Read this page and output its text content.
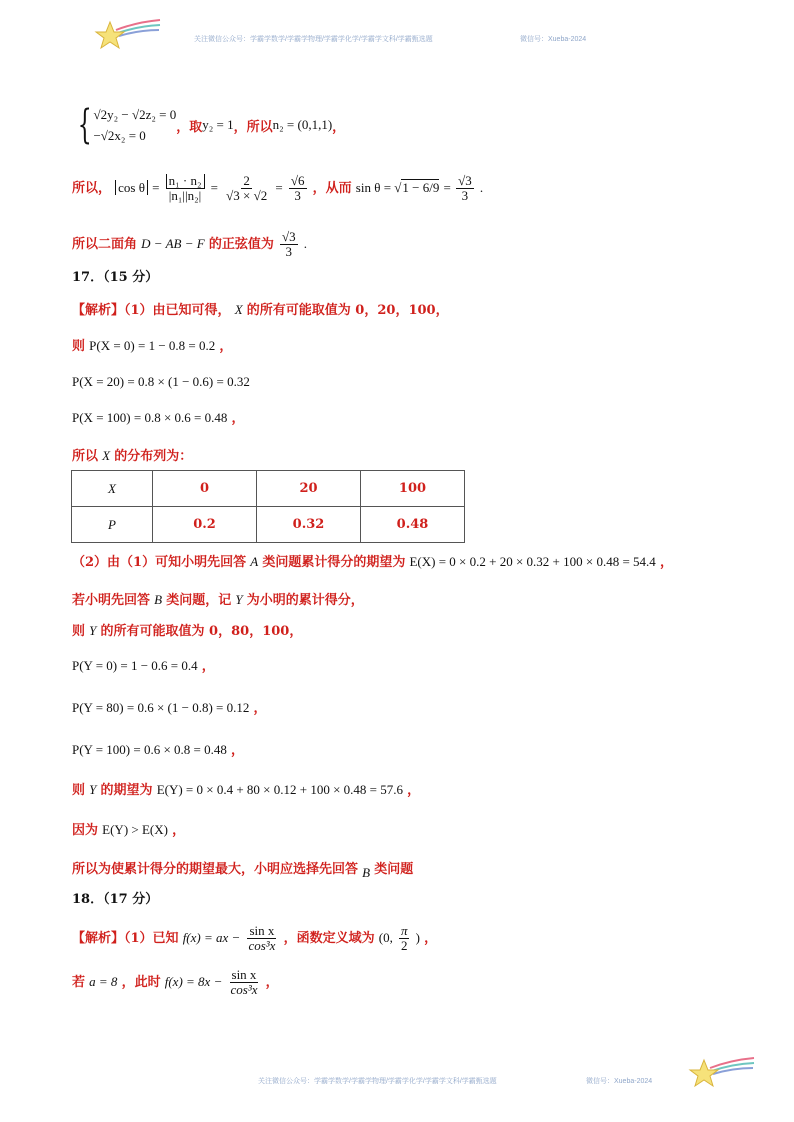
关注微信公众号：学霸学数学/学霸学物理/学霸学化学/学霸学文科/学霸甄选题	微信号：Xueba-2024
{ √2y₂ − √2z₂ = 0
−√2x₂ = 0
，取 y₂ = 1 ，所以 n₂ = (0,1,1) ，
所以， $\cos \theta = \frac{\text{n₁ · n₂}}{\text{|n₁||n₂|}} = \frac{2}{√3 \times √2} = \frac{√6}{3}$ ，从而 $\sin \theta = √1 - 6/9 = \frac{√3}{3}$ .
所以二面角 D − AB − F 的正弦值为 $\frac{√3}{3}$ .
17．（15 分）
【解析】（1）由已知可得， X 的所有可能取值为 0，20，100，
则 P(X = 0) = 1 − 0.8 = 0.2 ，
P(X = 20) = 0.8 × (1 − 0.6) = 0.32
P(X = 100) = 0.8 × 0.6 = 0.48 ，
所以 X 的分布列为：
X	0	20	100
P	0.2	0.32	0.48
（2）由（1）可知小明先回答 A 类问题累计得分的期望为 E(X) = 0 × 0.2 + 20 × 0.32 + 100 × 0.48 = 54.4 ，
若小明先回答 B 类问题，记 Y 为小明的累计得分，
则 Y 的所有可能取值为 0，80，100，
P(Y = 0) = 1 − 0.6 = 0.4 ，
P(Y = 80) = 0.6 × (1 − 0.8) = 0.12 ，
P(Y = 100) = 0.6 × 0.8 = 0.48 ，
则 Y 的期望为 E(Y) = 0 × 0.4 + 80 × 0.12 + 100 × 0.48 = 57.6 ，
因为 E(Y) > E(X) ，
所以为使累计得分的期望最大，小明应选择先回答 B 类问题
18．（17 分）
【解析】（1）已知 f(x) = ax − $\frac{\text{sin x}}{\text{cos³x}}$ ，函数定义域为 (0, $\frac{\pi}{2}$ ) ，
若 a = 8 ，此时 $f(x) = 8x - \frac{\text{sin x}}{\text{cos³x}}$ ，
关注微信公众号：学霸学数学/学霸学物理/学霸学化学/学霸学文科/学霸甄选题	微信号：Xueba-2024
